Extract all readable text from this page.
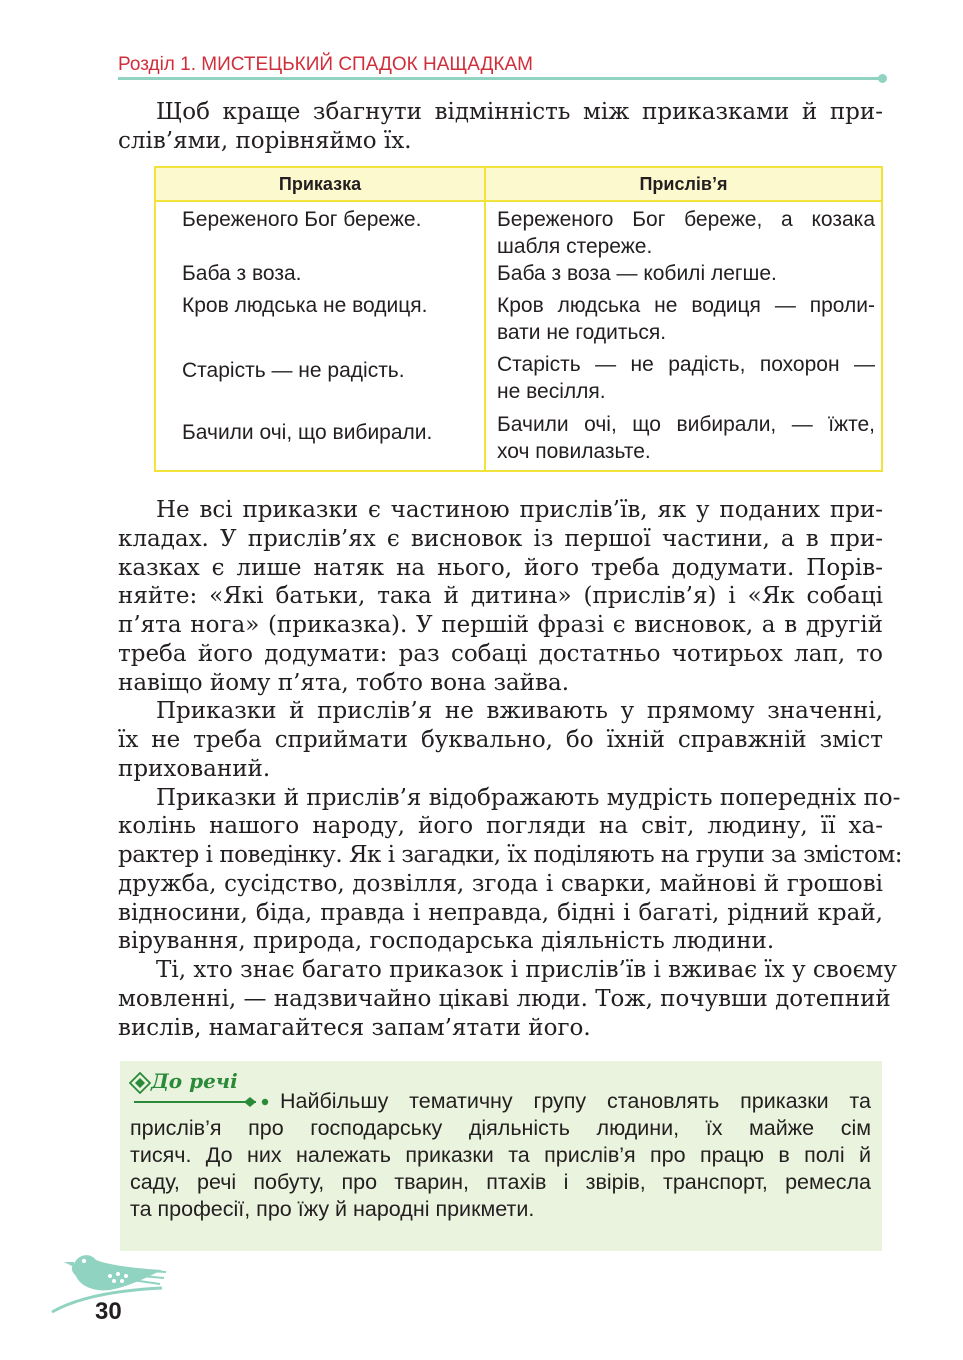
Розділ 1. МИСТЕЦЬКИЙ СПАДОК НАЩАДКАМ
Щоб краще збагнути відмінність між приказками й при-
слів’ями, порівняймо їх.
Приказка	Прислів’я

Береженого Бог береже.	Береженого Бог береже, а козака
шабля стереже.

Баба з воза.	Баба з воза — кобилі легше.

Кров людська не водиця.	Кров людська не водиця — проли-
вати не годиться.

Старість — не радість.	Старість — не радість, похорон —
не весілля.

Бачили очі, що вибирали.	Бачили очі, що вибирали, — їжте,
хоч повилазьте.
Не всі приказки є частиною прислів’їв, як у поданих при-
кладах. У прислів’ях є висновок із першої частини, а в при-
казках є лише натяк на нього, його треба додумати. Порів-
няйте: «Які батьки, така й дитина» (прислів’я) і «Як собаці
п’ята нога» (приказка). У першій фразі є висновок, а в другій
треба його додумати: раз собаці достатньо чотирьох лап, то
навіщо йому п’ята, тобто вона зайва.
Приказки й прислів’я не вживають у прямому значенні,
їх не треба сприймати буквально, бо їхній справжній зміст
прихований.
Приказки й прислів’я відображають мудрість попередніх по-
колінь нашого народу, його погляди на світ, людину, її ха-
рактер і поведінку. Як і загадки, їх поділяють на групи за змістом:
дружба, сусідство, дозвілля, згода і сварки, майнові й грошові
відносини, біда, правда і неправда, бідні і багаті, рідний край,
вірування, природа, господарська діяльність людини.
Ті, хто знає багато приказок і прислів’їв і вживає їх у своєму
мовленні, — надзвичайно цікаві люди. Тож, почувши дотепний
вислів, намагайтеся запам’ятати його.
До речі
Найбільшу тематичну групу становлять приказки та
прислів’я про господарську діяльність людини, їх майже сім
тисяч. До них належать приказки та прислів’я про працю в полі й
саду, речі побуту, про тварин, птахів і звірів, транспорт, ремесла
та професії, про їжу й народні прикмети.
30
